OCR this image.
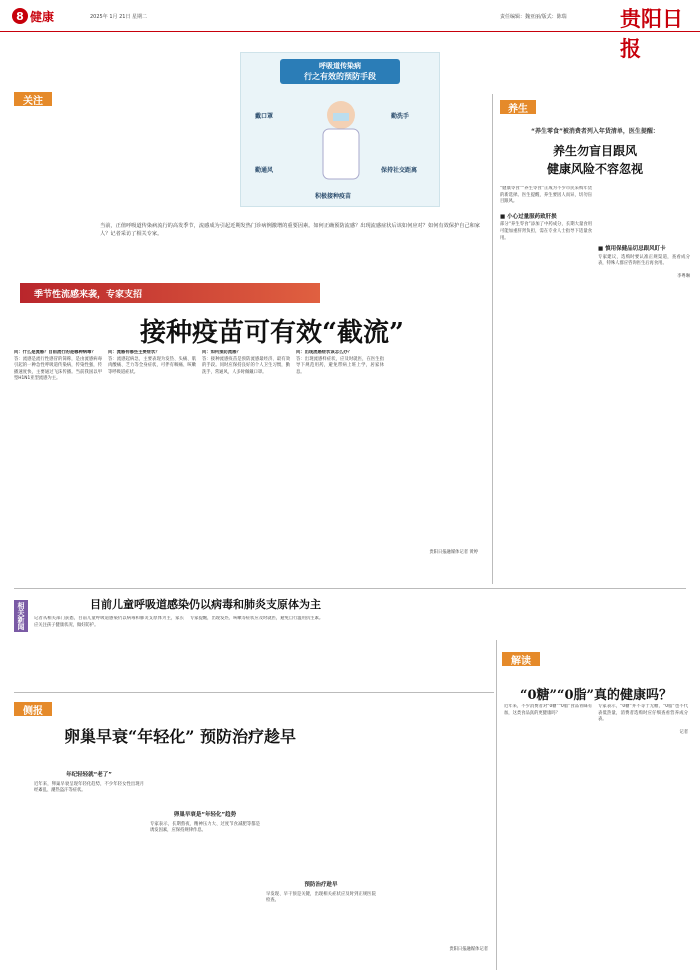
8 健康	2025年 1月 21日 星期二	责任编辑：魏亚丽/版式：陈瑞	贵阳日报
关注
养生
相关新闻
解读
侧报
呼吸道传染病
行之有效的预防手段
戴口罩
勤通风
勤洗手
保持社交距离
积极接种疫苗
当前，正值呼吸道传染病流行的高发季节，流感成为引起近期发热门诊病例激增的重要因素。如何正确预防流感？出现流感症状后该如何应对？如何有效保护自己和家人？记者采访了相关专家。
季节性流感来袭，专家支招
接种疫苗可有效“截流”
问：什么是流感？目前流行的是哪种病毒？
答：流感是流行性感冒的简称，是由流感病毒引起的一种急性呼吸道传染病，传染性强，传播速度快，主要通过飞沫传播。当前我国以甲型H1N1亚型流感为主。
问：流感有哪些主要症状？
答：流感起病急，主要表现为发热、头痛、肌肉酸痛、乏力等全身症状，可伴有咽痛、咳嗽等呼吸道症状。
问：如何预防流感？
答：接种流感疫苗是预防流感最经济、最有效的手段。同时应保持良好的个人卫生习惯，勤洗手，常通风，人多时佩戴口罩。
问：出现流感症状该怎么办？
答：出现流感样症状，应及时就医，在医生指导下规范用药，避免带病上班上学，居家休息。
贵阳日报融媒体记者 黄婷
“养生零食”被消费者列入年货清单，医生提醒：
养生勿盲目跟风
健康风险不容忽视
“健康零食”“养生零食”正成为不少市民采购年货的新选择。医生提醒，养生要因人而异，切勿盲目跟风。
■ 小心过量服药致肝损
部分“养生零食”添加了中药成分，长期大量食用可能加重肝肾负担，需在专业人士指导下适量食用。
■ 慎用保健品切忌跟风盯卡
专家建议，选购时要认准正规渠道，查看成分表，特殊人群应咨询医生后再食用。
李粤琳
目前儿童呼吸道感染仍以病毒和肺炎支原体为主
记者从相关部门获悉，目前儿童呼吸道感染仍以病毒和肺炎支原体为主，家长应关注孩子健康状况，做好防护。
专家提醒，出现发热、咳嗽等症状应及时就医，避免自行滥用抗生素。
卵巢早衰“年轻化” 预防治疗趁早
年纪轻轻就“老了”
近年来，卵巢早衰呈现年轻化趋势，不少年轻女性出现月经紊乱、潮热盗汗等症状。
卵巢早衰是“年轻化”趋势
专家表示，长期熬夜、精神压力大、过度节食减肥等都是诱发因素，应保持规律作息。
预防治疗趁早
早发现、早干预是关键，出现相关症状应及时到正规医院检查。
贵阳日报融媒体记者
“0糖”“0脂”真的健康吗？
近年来，不少消费者对“0糖”“0脂”食品青睐有加，这类食品真的更健康吗？
专家表示，“0糖”并不等于无糖，“0脂”也不代表低热量，消费者选购时应仔细查看营养成分表。
记者
